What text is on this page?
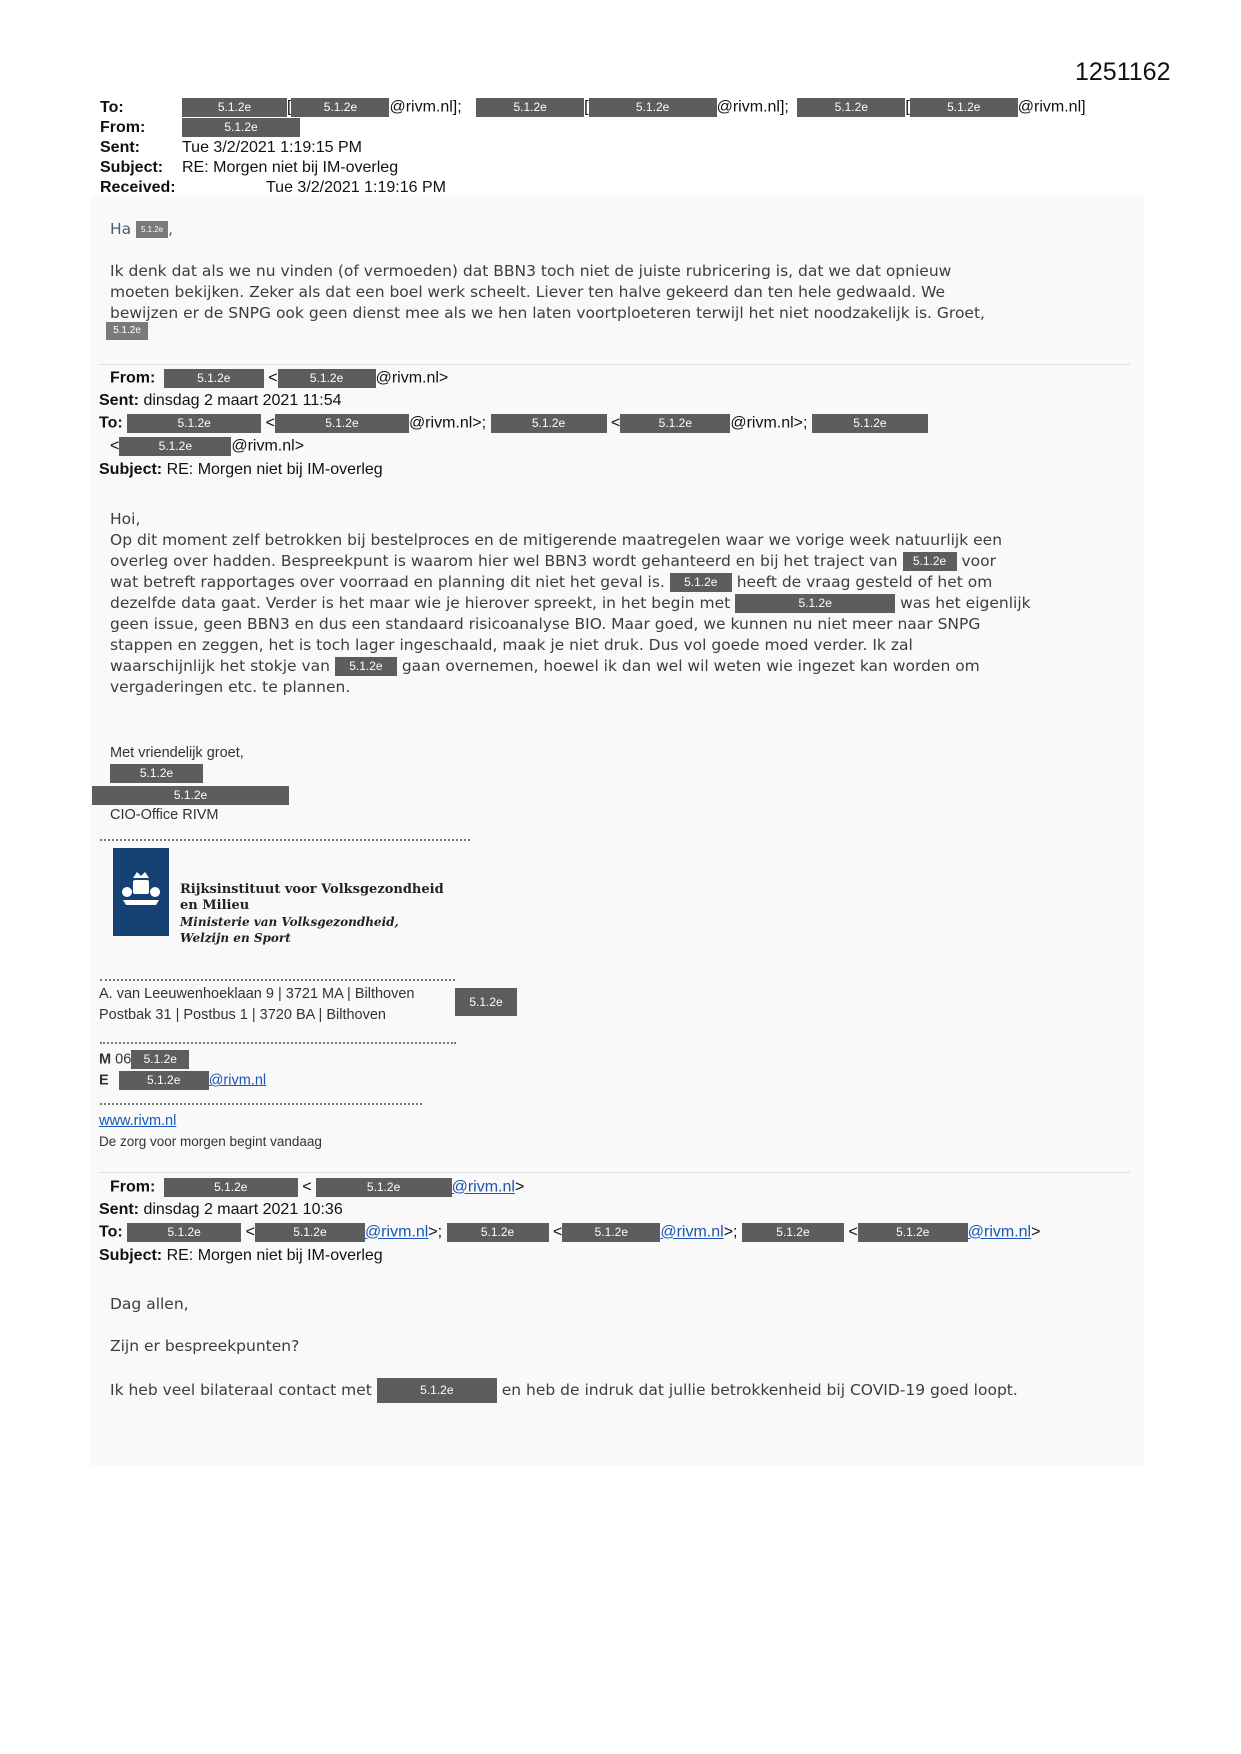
1251162
To:	5.1.2e [	5.1.2e @rivm.nl];	5.1.2e [	5.1.2e	@rivm.nl];	5.1.2e [	5.1.2e @rivm.nl]
From:	5.1.2e
Sent:	Tue 3/2/2021 1:19:15 PM
Subject: RE: Morgen niet bij IM-overleg
Received:	Tue 3/2/2021 1:19:16 PM
Ha 5.1.2e ,
Ik denk dat als we nu vinden (of vermoeden) dat BBN3 toch niet de juiste rubricering is, dat we dat opnieuw
moeten bekijken. Zeker als dat een boel werk scheelt. Liever ten halve gekeerd dan ten hele gedwaald. We
bewijzen er de SNPG ook geen dienst mee als we hen laten voortploeteren terwijl het niet noodzakelijk is. Groet,
5.1.2e
From:	5.1.2e <	5.1.2e @rivm.nl>
Sent: dinsdag 2 maart 2021 11:54
To:	5.1.2e	<	5.1.2e	@rivm.nl>;	5.1.2e	<	5.1.2e @rivm.nl>;	5.1.2e
<	5.1.2e @rivm.nl>
Subject: RE: Morgen niet bij IM-overleg
Hoi,
Op dit moment zelf betrokken bij bestelproces en de mitigerende maatregelen waar we vorige week natuurlijk een
overleg over hadden. Bespreekpunt is waarom hier wel BBN3 wordt gehanteerd en bij het traject van 5.1.2e voor
wat betreft rapportages over voorraad en planning dit niet het geval is. 5.1.2e heeft de vraag gesteld of het om
dezelfde data gaat. Verder is het maar wie je hierover spreekt, in het begin met	5.1.2e	was het eigenlijk
geen issue, geen BBN3 en dus een standaard risicoanalyse BIO. Maar goed, we kunnen nu niet meer naar SNPG
stappen en zeggen, het is toch lager ingeschaald, maak je niet druk. Dus vol goede moed verder. Ik zal
waarschijnlijk het stokje van 5.1.2e gaan overnemen, hoewel ik dan wel wil weten wie ingezet kan worden om
vergaderingen etc. te plannen.
Met vriendelijk groet,
5.1.2e
5.1.2e
CIO-Office RIVM
Rijksinstituut voor Volksgezondheid
en Milieu
Ministerie van Volksgezondheid,
Welzijn en Sport
A. van Leeuwenhoeklaan 9 | 3721 MA | Bilthoven	5.1.2e
Postbak 31 | Postbus 1 | 3720 BA | Bilthoven
M 06 5.1.2e
E	5.1.2e @rivm.nl
www.rivm.nl
De zorg voor morgen begint vandaag
From:	5.1.2e	<	5.1.2e	@rivm.nl>
Sent: dinsdag 2 maart 2021 10:36
To:	5.1.2e	<	5.1.2e @rivm.nl>;	5.1.2e <	5.1.2e @rivm.nl>;	5.1.2e <	5.1.2e @rivm.nl>
Subject: RE: Morgen niet bij IM-overleg
Dag allen,
Zijn er bespreekpunten?
Ik heb veel bilateraal contact met	5.1.2e	en heb de indruk dat jullie betrokkenheid bij COVID-19 goed loopt.
